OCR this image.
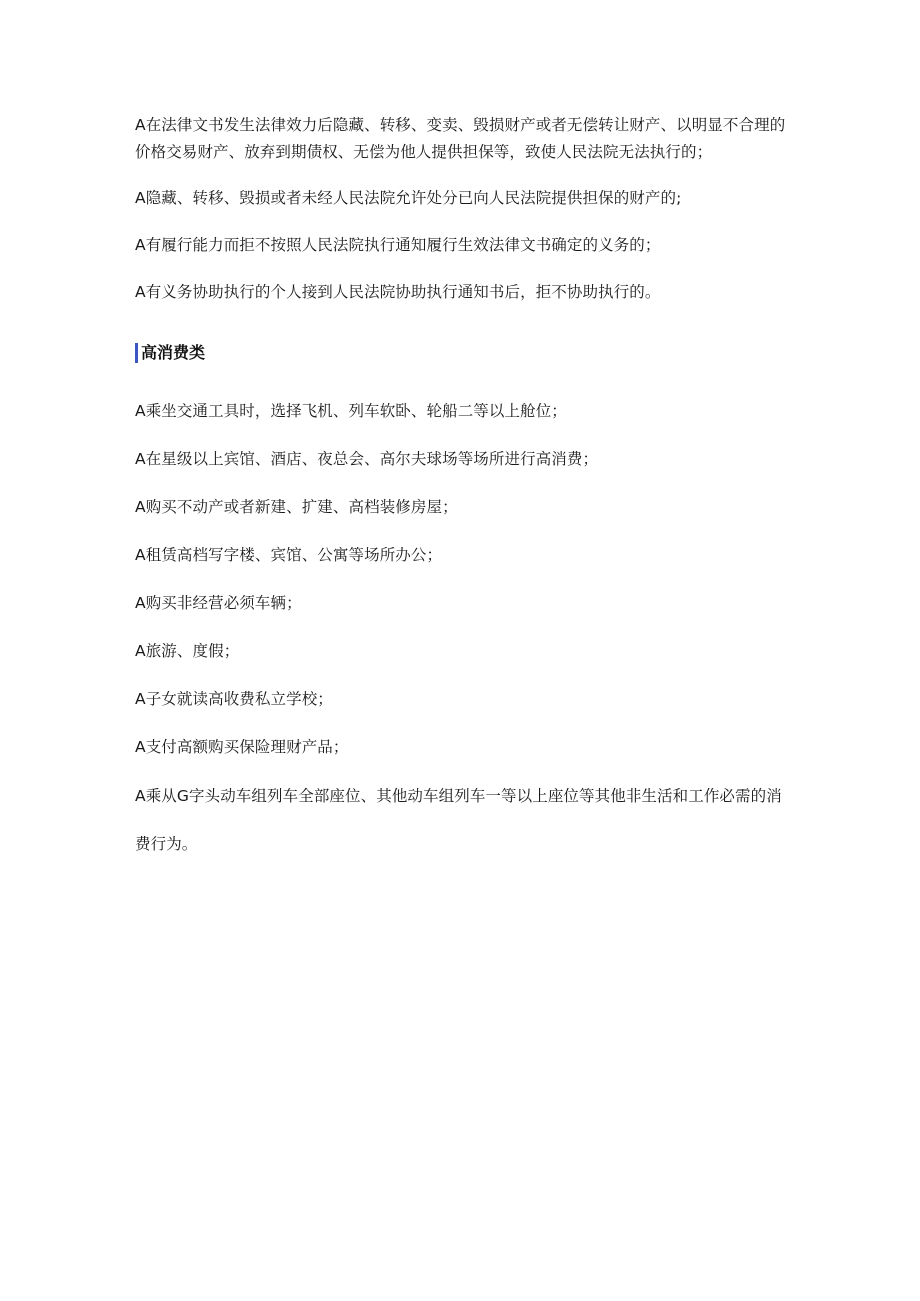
A在法律文书发生法律效力后隐藏、转移、变卖、毁损财产或者无偿转让财产、以明显不合理的价格交易财产、放弃到期债权、无偿为他人提供担保等，致使人民法院无法执行的；

A隐藏、转移、毁损或者未经人民法院允许处分已向人民法院提供担保的财产的;

A有履行能力而拒不按照人民法院执行通知履行生效法律文书确定的义务的；

A有义务协助执行的个人接到人民法院协助执行通知书后，拒不协助执行的。

高消费类

A乘坐交通工具时，选择飞机、列车软卧、轮船二等以上舱位；

A在星级以上宾馆、酒店、夜总会、高尔夫球场等场所进行高消费；

A购买不动产或者新建、扩建、高档装修房屋；

A租赁高档写字楼、宾馆、公寓等场所办公；

A购买非经营必须车辆；

A旅游、度假；

A子女就读高收费私立学校；

A支付高额购买保险理财产品；

A乘从G字头动车组列车全部座位、其他动车组列车一等以上座位等其他非生活和工作必需的消费行为。
